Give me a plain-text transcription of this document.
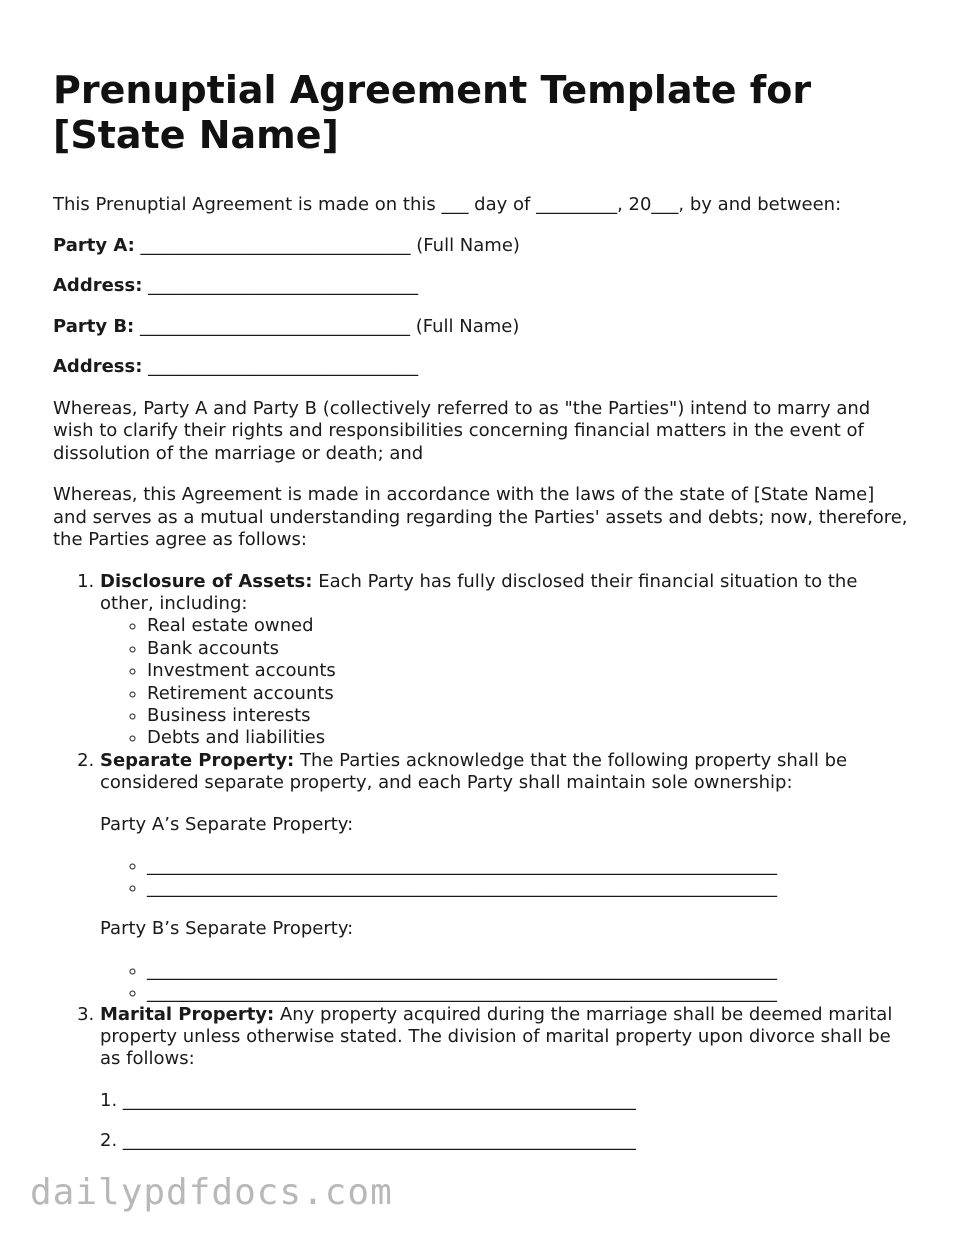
Prenuptial Agreement Template for [State Name]

This Prenuptial Agreement is made on this ___ day of _________, 20___, by and between:

Party A: ______________________________ (Full Name)

Address: ______________________________

Party B: ______________________________ (Full Name)

Address: ______________________________

Whereas, Party A and Party B (collectively referred to as "the Parties") intend to marry and wish to clarify their rights and responsibilities concerning financial matters in the event of dissolution of the marriage or death; and

Whereas, this Agreement is made in accordance with the laws of the state of [State Name] and serves as a mutual understanding regarding the Parties' assets and debts; now, therefore, the Parties agree as follows:

1. Disclosure of Assets: Each Party has fully disclosed their financial situation to the other, including:
◦ Real estate owned
◦ Bank accounts
◦ Investment accounts
◦ Retirement accounts
◦ Business interests
◦ Debts and liabilities
2. Separate Property: The Parties acknowledge that the following property shall be considered separate property, and each Party shall maintain sole ownership:

Party A’s Separate Property:

◦ ______________________________________________________________________
◦ ______________________________________________________________________

Party B’s Separate Property:

◦ ______________________________________________________________________
◦ ______________________________________________________________________
3. Marital Property: Any property acquired during the marriage shall be deemed marital property unless otherwise stated. The division of marital property upon divorce shall be as follows:
1. _________________________________________________________
2. _________________________________________________________
dailypdfdocs.com
